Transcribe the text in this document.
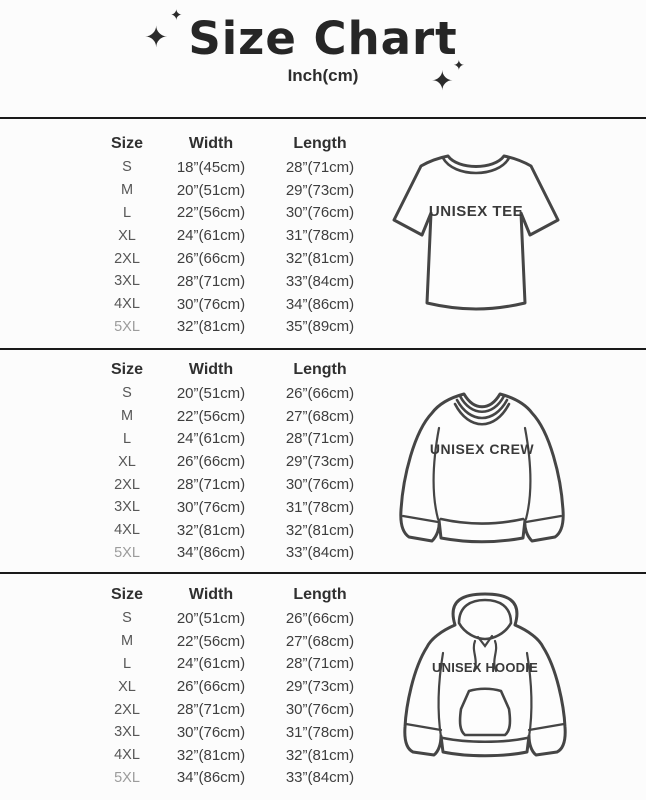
✦
✦ Size Chart
✦
✦
Inch(cm)
Size	Width	Length
S	18”(45cm)	28”(71cm)
M	20”(51cm)	29”(73cm)
L	22”(56cm)	30”(76cm)
XL	24”(61cm)	31”(78cm)
2XL	26”(66cm)	32”(81cm)
3XL	28”(71cm)	33”(84cm)
4XL	30”(76cm)	34”(86cm)
5XL	32”(81cm)	35”(89cm)
UNISEX TEE
Size	Width	Length
S	20”(51cm)	26”(66cm)
M	22”(56cm)	27”(68cm)
L	24”(61cm)	28”(71cm)
XL	26”(66cm)	29”(73cm)
2XL	28”(71cm)	30”(76cm)
3XL	30”(76cm)	31”(78cm)
4XL	32”(81cm)	32”(81cm)
5XL	34”(86cm)	33”(84cm)
UNISEX CREW
Size	Width	Length
S	20”(51cm)	26”(66cm)
M	22”(56cm)	27”(68cm)
L	24”(61cm)	28”(71cm)
XL	26”(66cm)	29”(73cm)
2XL	28”(71cm)	30”(76cm)
3XL	30”(76cm)	31”(78cm)
4XL	32”(81cm)	32”(81cm)
5XL	34”(86cm)	33”(84cm)
UNISEX HOODIE
